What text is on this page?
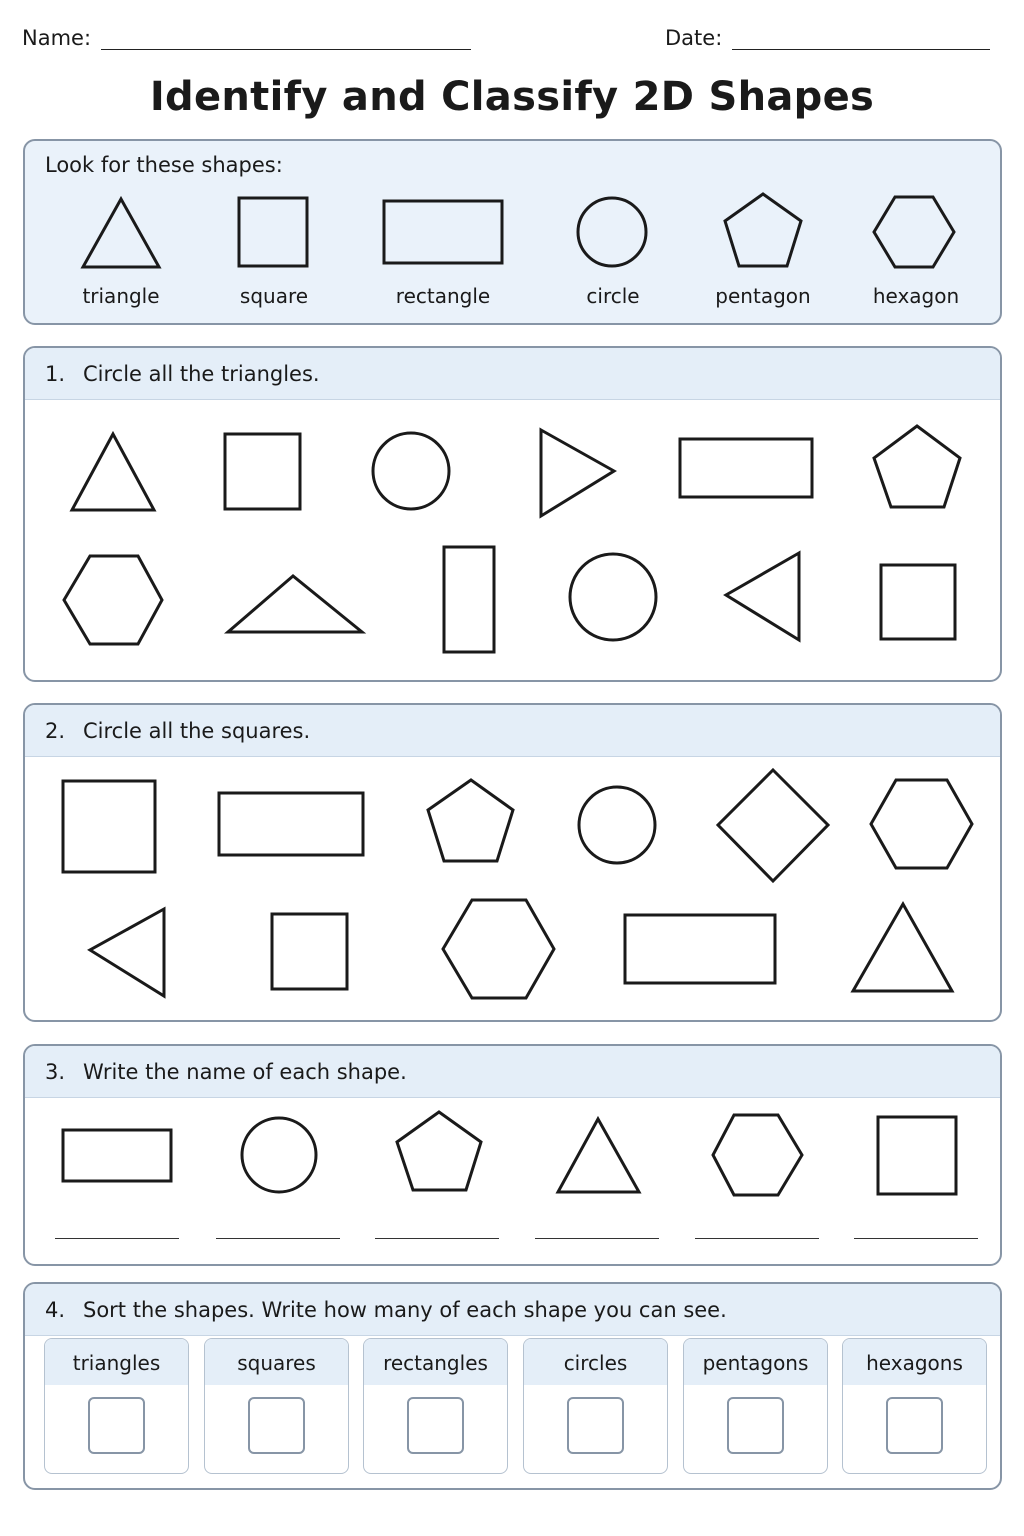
Name:	Date:
Identify and Classify 2D Shapes
Look for these shapes:
triangle	square	rectangle	circle	pentagon	hexagon
1. Circle all the triangles.
2. Circle all the squares.
3. Write the name of each shape.
4. Sort the shapes. Write how many of each shape you can see.
triangles	squares	rectangles	circles	pentagons	hexagons
